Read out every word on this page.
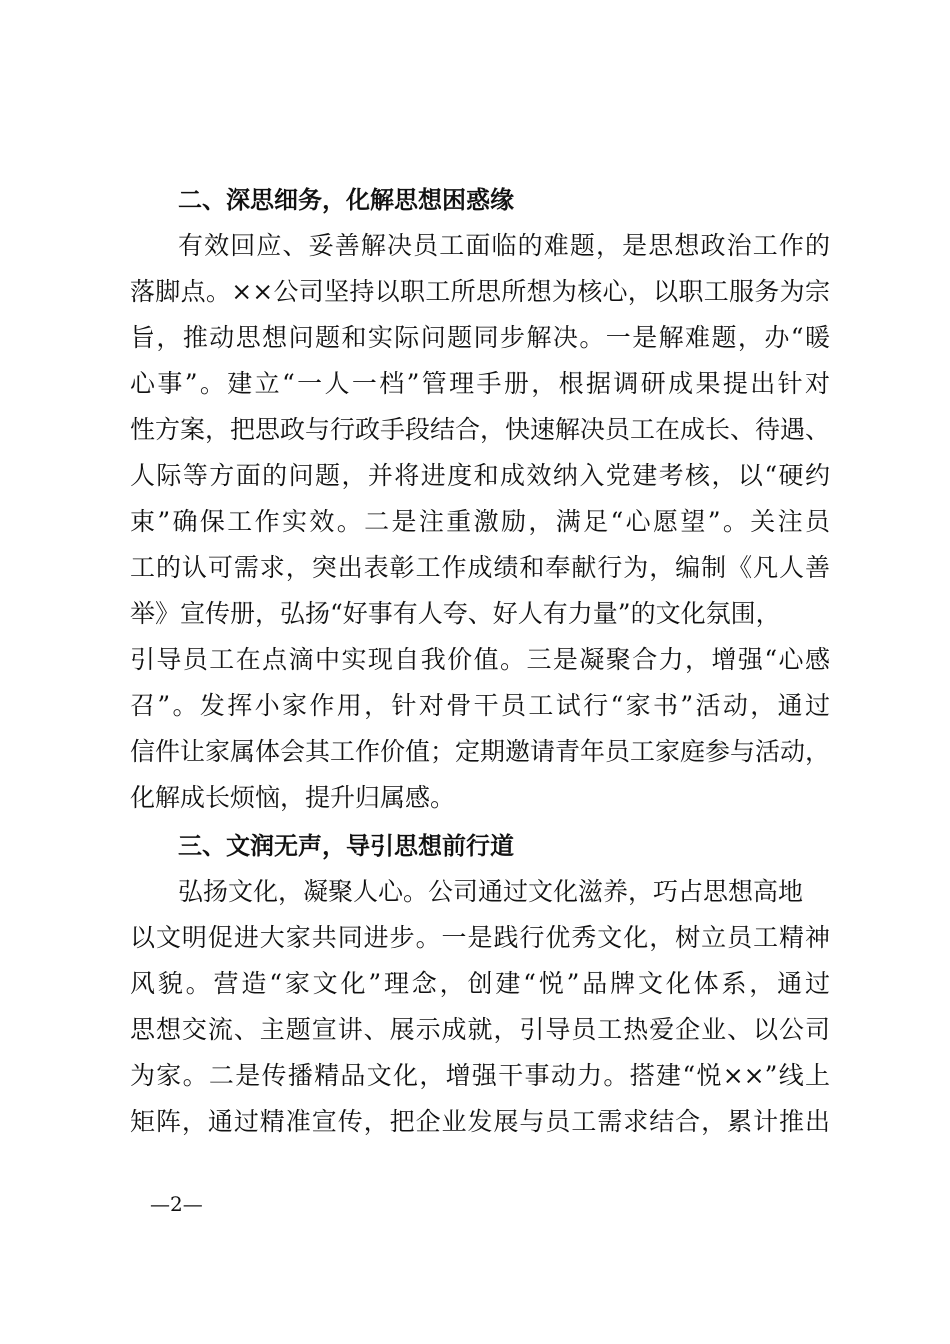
二、深思细务，化解思想困惑缘

有效回应、妥善解决员工面临的难题，是思想政治工作的

落脚点。××公司坚持以职工所思所想为核心，以职工服务为宗

旨，推动思想问题和实际问题同步解决。一是解难题，办“暖

心事”。建立“一人一档”管理手册，根据调研成果提出针对

性方案，把思政与行政手段结合，快速解决员工在成长、待遇、

人际等方面的问题，并将进度和成效纳入党建考核，以“硬约

束”确保工作实效。二是注重激励，满足“心愿望”。关注员

工的认可需求，突出表彰工作成绩和奉献行为，编制《凡人善

举》宣传册，弘扬“好事有人夸、好人有力量”的文化氛围，

引导员工在点滴中实现自我价值。三是凝聚合力，增强“心感

召”。发挥小家作用，针对骨干员工试行“家书”活动，通过

信件让家属体会其工作价值；定期邀请青年员工家庭参与活动，

化解成长烦恼，提升归属感。

三、文润无声，导引思想前行道

弘扬文化，凝聚人心。公司通过文化滋养，巧占思想高地

以文明促进大家共同进步。一是践行优秀文化，树立员工精神

风貌。营造“家文化”理念，创建“悦”品牌文化体系，通过

思想交流、主题宣讲、展示成就，引导员工热爱企业、以公司

为家。二是传播精品文化，增强干事动力。搭建“悦××”线上

矩阵，通过精准宣传，把企业发展与员工需求结合，累计推出

—2—
